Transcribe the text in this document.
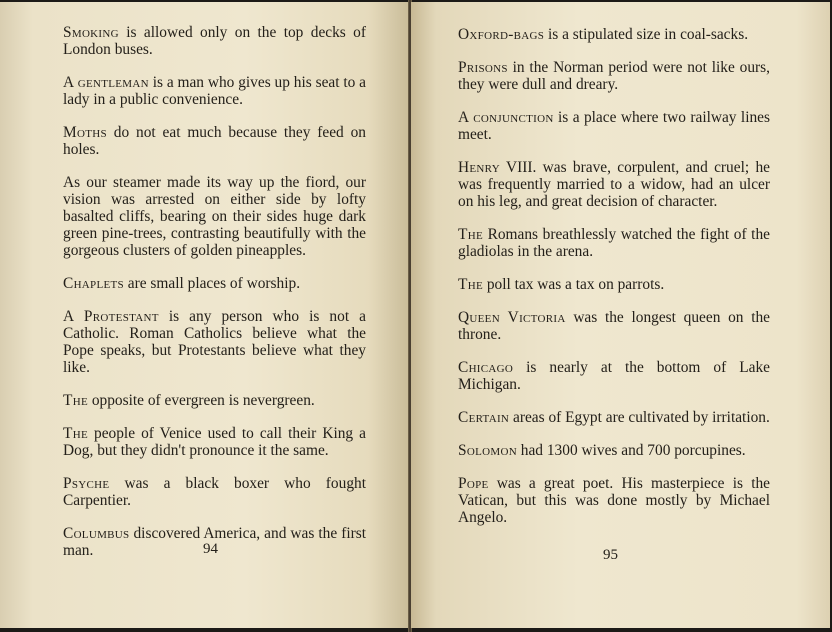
Smoking is allowed only on the top decks of London buses.

A gentleman is a man who gives up his seat to a lady in a public convenience.

Moths do not eat much because they feed on holes.

As our steamer made its way up the fiord, our vision was arrested on either side by lofty basalted cliffs, bearing on their sides huge dark green pine-trees, contrasting beautifully with the gorgeous clusters of golden pineapples.

Chaplets are small places of worship.

A Protestant is any person who is not a Catholic. Roman Catholics believe what the Pope speaks, but Protestants believe what they like.

The opposite of evergreen is nevergreen.

The people of Venice used to call their King a Dog, but they didn't pronounce it the same.

Psyche was a black boxer who fought Carpentier.

Columbus discovered America, and was the first man.	94

Oxford-bags is a stipulated size in coal-sacks.

Prisons in the Norman period were not like ours, they were dull and dreary.

A conjunction is a place where two railway lines meet.

Henry VIII. was brave, corpulent, and cruel; he was frequently married to a widow, had an ulcer on his leg, and great decision of character.

The Romans breathlessly watched the fight of the gladiolas in the arena.

The poll tax was a tax on parrots.

Queen Victoria was the longest queen on the throne.

Chicago is nearly at the bottom of Lake Michigan.

Certain areas of Egypt are cultivated by irritation.

Solomon had 1300 wives and 700 porcupines.

Pope was a great poet. His masterpiece is the Vatican, but this was done mostly by Michael Angelo.

95
